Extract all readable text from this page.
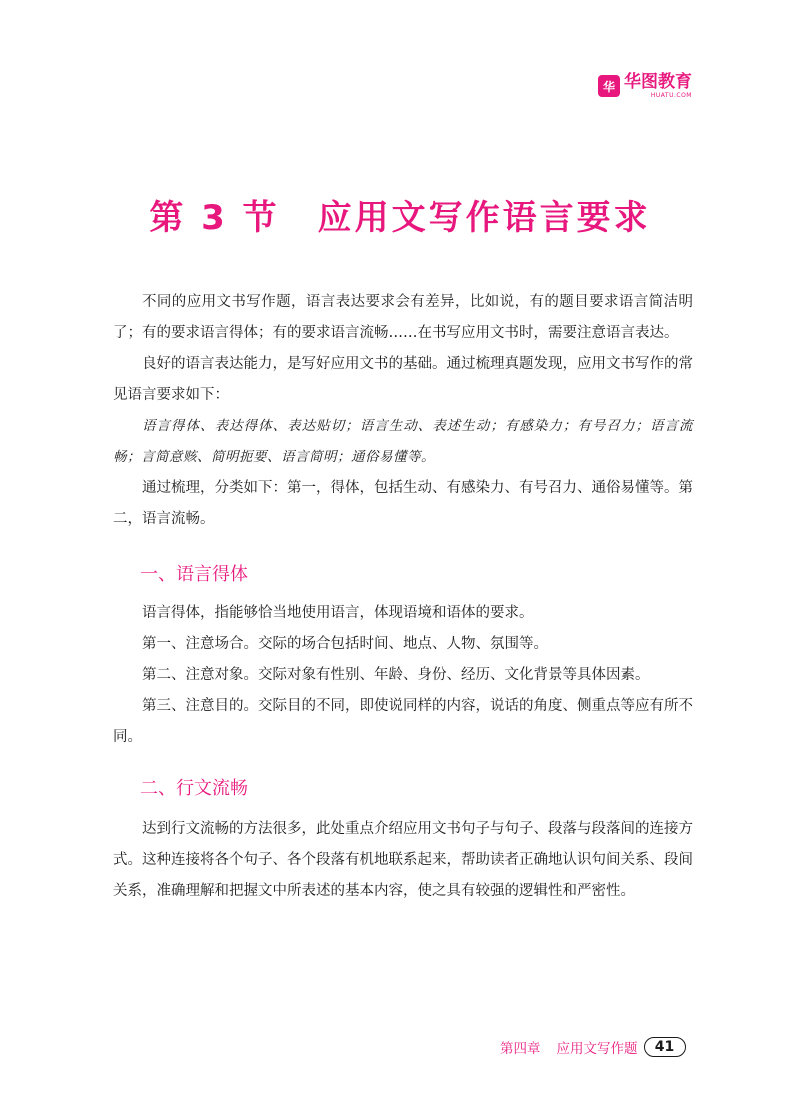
华 华图教育
HUATU.COM
第 3 节 应用文写作语言要求

不同的应用文书写作题，语言表达要求会有差异，比如说，有的题目要求语言简洁明了；有的要求语言得体；有的要求语言流畅……在书写应用文书时，需要注意语言表达。

良好的语言表达能力，是写好应用文书的基础。通过梳理真题发现，应用文书写作的常见语言要求如下：

语言得体、表达得体、表达贴切；语言生动、表述生动；有感染力；有号召力；语言流畅；言简意赅、简明扼要、语言简明；通俗易懂等。

通过梳理，分类如下：第一，得体，包括生动、有感染力、有号召力、通俗易懂等。第二，语言流畅。

一、语言得体

语言得体，指能够恰当地使用语言，体现语境和语体的要求。

第一、注意场合。交际的场合包括时间、地点、人物、氛围等。

第二、注意对象。交际对象有性别、年龄、身份、经历、文化背景等具体因素。

第三、注意目的。交际目的不同，即使说同样的内容，说话的角度、侧重点等应有所不同。

二、行文流畅

达到行文流畅的方法很多，此处重点介绍应用文书句子与句子、段落与段落间的连接方式。这种连接将各个句子、各个段落有机地联系起来，帮助读者正确地认识句间关系、段间关系，准确理解和把握文中所表述的基本内容，使之具有较强的逻辑性和严密性。

第四章 应用文写作题	41
